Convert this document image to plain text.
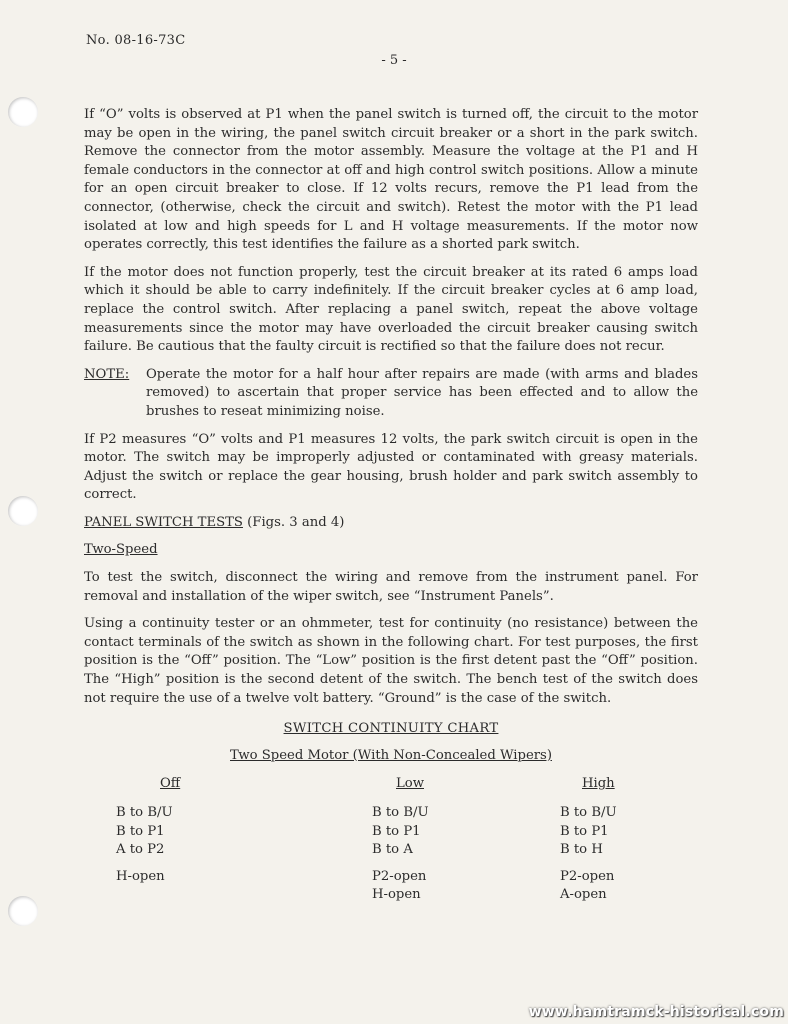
No. 08-16-73C
- 5 -

If “O” volts is observed at P1 when the panel switch is turned off, the circuit to the motor may be open in the wiring, the panel switch circuit breaker or a short in the park switch. Remove the connector from the motor assembly. Measure the voltage at the P1 and H female conductors in the connector at off and high control switch positions. Allow a minute for an open circuit breaker to close. If 12 volts recurs, remove the P1 lead from the connector, (otherwise, check the circuit and switch). Retest the motor with the P1 lead isolated at low and high speeds for L and H voltage measurements. If the motor now operates correctly, this test identifies the failure as a shorted park switch.

If the motor does not function properly, test the circuit breaker at its rated 6 amps load which it should be able to carry indefinitely. If the circuit breaker cycles at 6 amp load, replace the control switch. After replacing a panel switch, repeat the above voltage measurements since the motor may have overloaded the circuit breaker causing switch failure. Be cautious that the faulty circuit is rectified so that the failure does not recur.

NOTE:	Operate the motor for a half hour after repairs are made (with arms and blades removed) to ascertain that proper service has been effected and to allow the brushes to reseat minimizing noise.

If P2 measures “O” volts and P1 measures 12 volts, the park switch circuit is open in the motor. The switch may be improperly adjusted or contaminated with greasy materials. Adjust the switch or replace the gear housing, brush holder and park switch assembly to correct.

PANEL SWITCH TESTS (Figs. 3 and 4)
Two-Speed

To test the switch, disconnect the wiring and remove from the instrument panel. For removal and installation of the wiper switch, see “Instrument Panels”.

Using a continuity tester or an ohmmeter, test for continuity (no resistance) between the contact terminals of the switch as shown in the following chart. For test purposes, the first position is the “Off” position. The “Low” position is the first detent past the “Off” position. The “High” position is the second detent of the switch. The bench test of the switch does not require the use of a twelve volt battery. “Ground” is the case of the switch.

SWITCH CONTINUITY CHART
Two Speed Motor (With Non-Concealed Wipers)
Off
B to B/U
B to P1
A to P2
H-open
Low
B to B/U
B to P1
B to A
P2-open
H-open
High
B to B/U
B to P1
B to H
P2-open
A-open
www.hamtramck-historical.com
